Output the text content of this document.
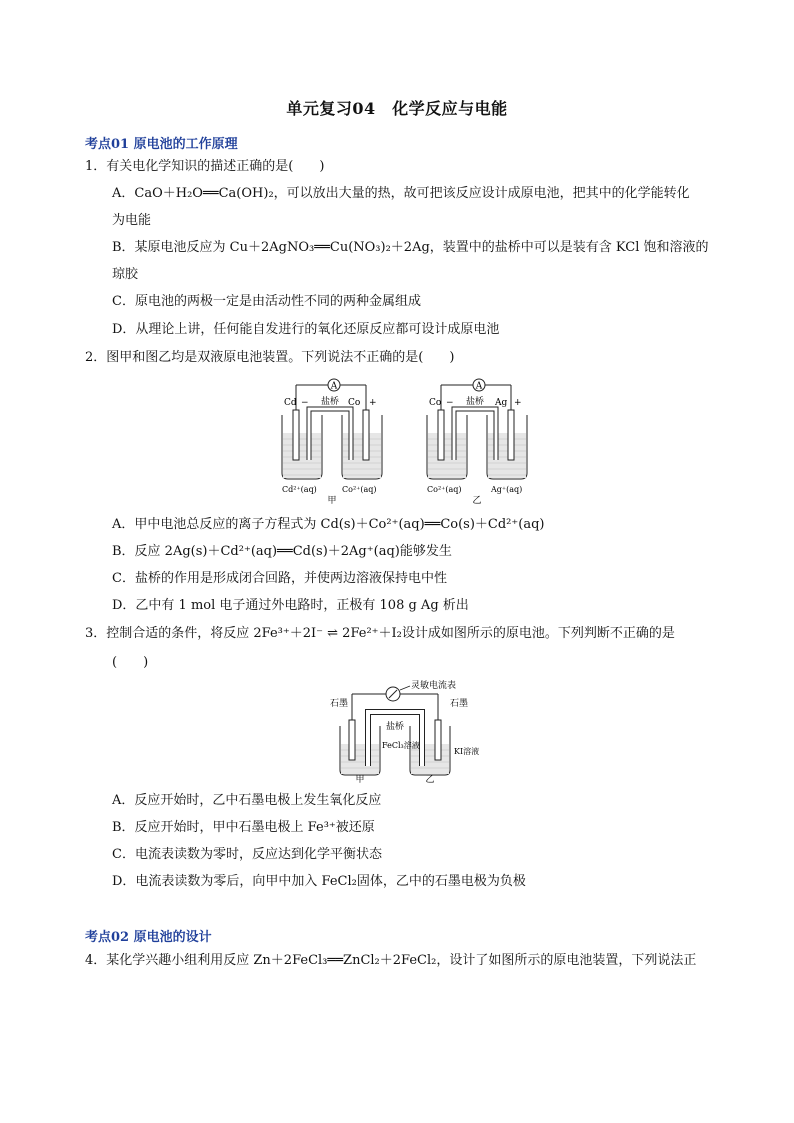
单元复习04　化学反应与电能
考点01 原电池的工作原理
1．有关电化学知识的描述正确的是(　　)
A．CaO＋H₂O══Ca(OH)₂，可以放出大量的热，故可把该反应设计成原电池，把其中的化学能转化
为电能
B．某原电池反应为 Cu＋2AgNO₃══Cu(NO₃)₂＋2Ag，装置中的盐桥中可以是装有含 KCl 饱和溶液的
琼胶
C．原电池的两极一定是由活动性不同的两种金属组成
D．从理论上讲，任何能自发进行的氧化还原反应都可设计成原电池
2．图甲和图乙均是双液原电池装置。下列说法不正确的是(　　)
A
盐桥
Cd −	Co +
Cd²⁺(aq)	Co²⁺(aq)
甲
A
盐桥
Co −	Ag +
Co²⁺(aq)	Ag⁺(aq)
乙
A．甲中电池总反应的离子方程式为 Cd(s)＋Co²⁺(aq)══Co(s)＋Cd²⁺(aq)
B．反应 2Ag(s)＋Cd²⁺(aq)══Cd(s)＋2Ag⁺(aq)能够发生
C．盐桥的作用是形成闭合回路，并使两边溶液保持电中性
D．乙中有 1 mol 电子通过外电路时，正极有 108 g Ag 析出
3．控制合适的条件，将反应 2Fe³⁺＋2I⁻ ⇌ 2Fe²⁺＋I₂设计成如图所示的原电池。下列判断不正确的是
(　　)
灵敏电流表
盐桥
石墨	石墨
FeCl₃溶液
KI溶液
甲	乙
A．反应开始时，乙中石墨电极上发生氧化反应
B．反应开始时，甲中石墨电极上 Fe³⁺被还原
C．电流表读数为零时，反应达到化学平衡状态
D．电流表读数为零后，向甲中加入 FeCl₂固体，乙中的石墨电极为负极
考点02 原电池的设计
4．某化学兴趣小组利用反应 Zn＋2FeCl₃══ZnCl₂＋2FeCl₂，设计了如图所示的原电池装置，下列说法正
